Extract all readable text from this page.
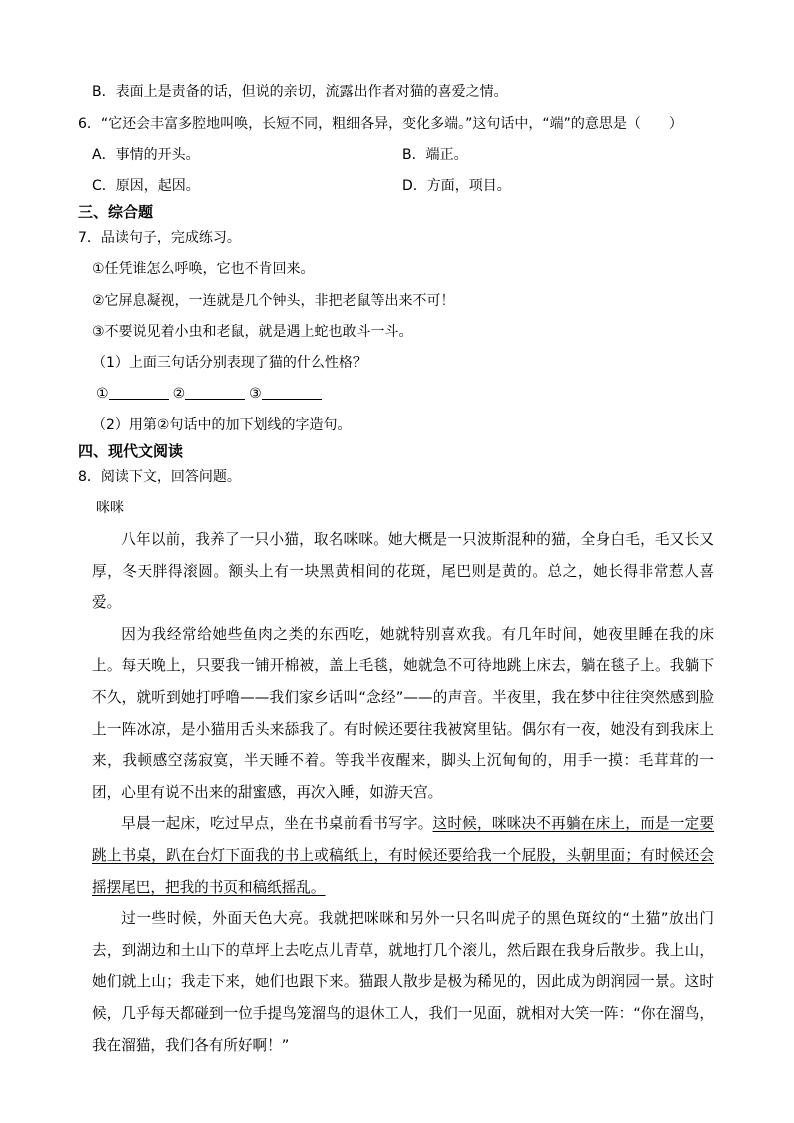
B．表面上是责备的话，但说的亲切，流露出作者对猫的喜爱之情。
6．“它还会丰富多腔地叫唤，长短不同，粗细各异，变化多端。”这句话中，“端”的意思是（　　）
A．事情的开头。	B．端正。
C．原因，起因。	D．方面，项目。
三、综合题
7．品读句子，完成练习。
①任凭谁怎么呼唤，它也不肯回来。
②它屏息凝视，一连就是几个钟头，非把老鼠等出来不可！
③不要说见着小虫和老鼠，就是遇上蛇也敢斗一斗。
（1）上面三句话分别表现了猫的什么性格？
①	②	③
（2）用第②句话中的加下划线的字造句。
四、现代文阅读
8．阅读下文，回答问题。
咪咪

八年以前，我养了一只小猫，取名咪咪。她大概是一只波斯混种的猫，全身白毛，毛又长又厚，冬天胖得滚圆。额头上有一块黑黄相间的花斑，尾巴则是黄的。总之，她长得非常惹人喜爱。

因为我经常给她些鱼肉之类的东西吃，她就特别喜欢我。有几年时间，她夜里睡在我的床上。每天晚上，只要我一铺开棉被，盖上毛毯，她就急不可待地跳上床去，躺在毯子上。我躺下不久，就听到她打呼噜——我们家乡话叫“念经”——的声音。半夜里，我在梦中往往突然感到脸上一阵冰凉，是小猫用舌头来舔我了。有时候还要往我被窝里钻。偶尔有一夜，她没有到我床上来，我顿感空荡寂寞，半天睡不着。等我半夜醒来，脚头上沉甸甸的，用手一摸：毛茸茸的一团，心里有说不出来的甜蜜感，再次入睡，如游天宫。

早晨一起床，吃过早点，坐在书桌前看书写字。这时候，咪咪决不再躺在床上，而是一定要跳上书桌，趴在台灯下面我的书上或稿纸上，有时候还要给我一个屁股，头朝里面；有时候还会摇摆尾巴，把我的书页和稿纸摇乱。

过一些时候，外面天色大亮。我就把咪咪和另外一只名叫虎子的黑色斑纹的“土猫”放出门去，到湖边和土山下的草坪上去吃点儿青草，就地打几个滚儿，然后跟在我身后散步。我上山，她们就上山；我走下来，她们也跟下来。猫跟人散步是极为稀见的，因此成为朗润园一景。这时候，几乎每天都碰到一位手提鸟笼溜鸟的退休工人，我们一见面，就相对大笑一阵：“你在溜鸟，我在溜猫，我们各有所好啊！”
